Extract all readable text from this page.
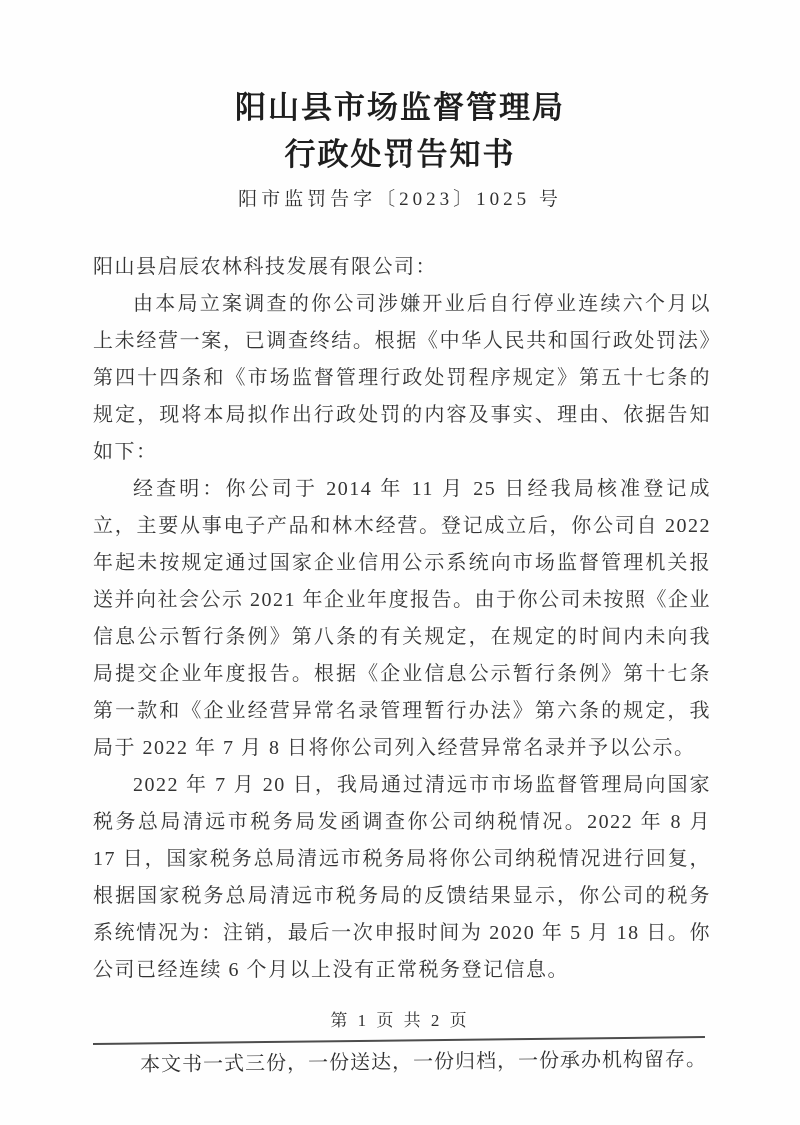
阳山县市场监督管理局
行政处罚告知书
阳市监罚告字〔2023〕1025 号

阳山县启辰农林科技发展有限公司：

由本局立案调查的你公司涉嫌开业后自行停业连续六个月以上未经营一案，已调查终结。根据《中华人民共和国行政处罚法》第四十四条和《市场监督管理行政处罚程序规定》第五十七条的规定，现将本局拟作出行政处罚的内容及事实、理由、依据告知如下：

经查明：你公司于 2014 年 11 月 25 日经我局核准登记成立，主要从事电子产品和林木经营。登记成立后，你公司自 2022 年起未按规定通过国家企业信用公示系统向市场监督管理机关报送并向社会公示 2021 年企业年度报告。由于你公司未按照《企业信息公示暂行条例》第八条的有关规定，在规定的时间内未向我局提交企业年度报告。根据《企业信息公示暂行条例》第十七条第一款和《企业经营异常名录管理暂行办法》第六条的规定，我局于 2022 年 7 月 8 日将你公司列入经营异常名录并予以公示。

2022 年 7 月 20 日，我局通过清远市市场监督管理局向国家税务总局清远市税务局发函调查你公司纳税情况。2022 年 8 月 17 日，国家税务总局清远市税务局将你公司纳税情况进行回复，根据国家税务总局清远市税务局的反馈结果显示，你公司的税务系统情况为：注销，最后一次申报时间为 2020 年 5 月 18 日。你公司已经连续 6 个月以上没有正常税务登记信息。

第 1 页 共 2 页
本文书一式三份，一份送达，一份归档，一份承办机构留存。
